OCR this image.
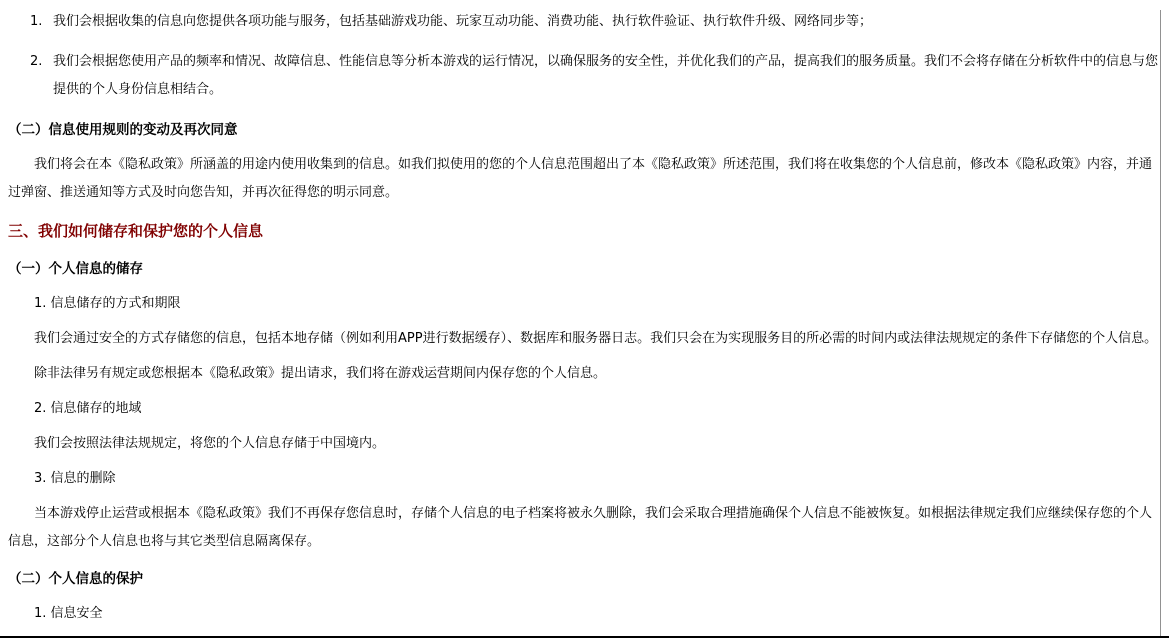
1. 我们会根据收集的信息向您提供各项功能与服务，包括基础游戏功能、玩家互动功能、消费功能、执行软件验证、执行软件升级、网络同步等；
2. 我们会根据您使用产品的频率和情况、故障信息、性能信息等分析本游戏的运行情况，以确保服务的安全性，并优化我们的产品，提高我们的服务质量。我们不会将存储在分析软件中的信息与您提供的个人身份信息相结合。
（二）信息使用规则的变动及再次同意
我们将会在本《隐私政策》所涵盖的用途内使用收集到的信息。如我们拟使用的您的个人信息范围超出了本《隐私政策》所述范围，我们将在收集您的个人信息前，修改本《隐私政策》内容，并通过弹窗、推送通知等方式及时向您告知，并再次征得您的明示同意。
三、我们如何储存和保护您的个人信息
（一）个人信息的储存
1. 信息储存的方式和期限
我们会通过安全的方式存储您的信息，包括本地存储（例如利用APP进行数据缓存）、数据库和服务器日志。我们只会在为实现服务目的所必需的时间内或法律法规规定的条件下存储您的个人信息。
除非法律另有规定或您根据本《隐私政策》提出请求，我们将在游戏运营期间内保存您的个人信息。
2. 信息储存的地域
我们会按照法律法规规定，将您的个人信息存储于中国境内。
3. 信息的删除
当本游戏停止运营或根据本《隐私政策》我们不再保存您信息时，存储个人信息的电子档案将被永久删除，我们会采取合理措施确保个人信息不能被恢复。如根据法律规定我们应继续保存您的个人信息，这部分个人信息也将与其它类型信息隔离保存。
（二）个人信息的保护
1. 信息安全
